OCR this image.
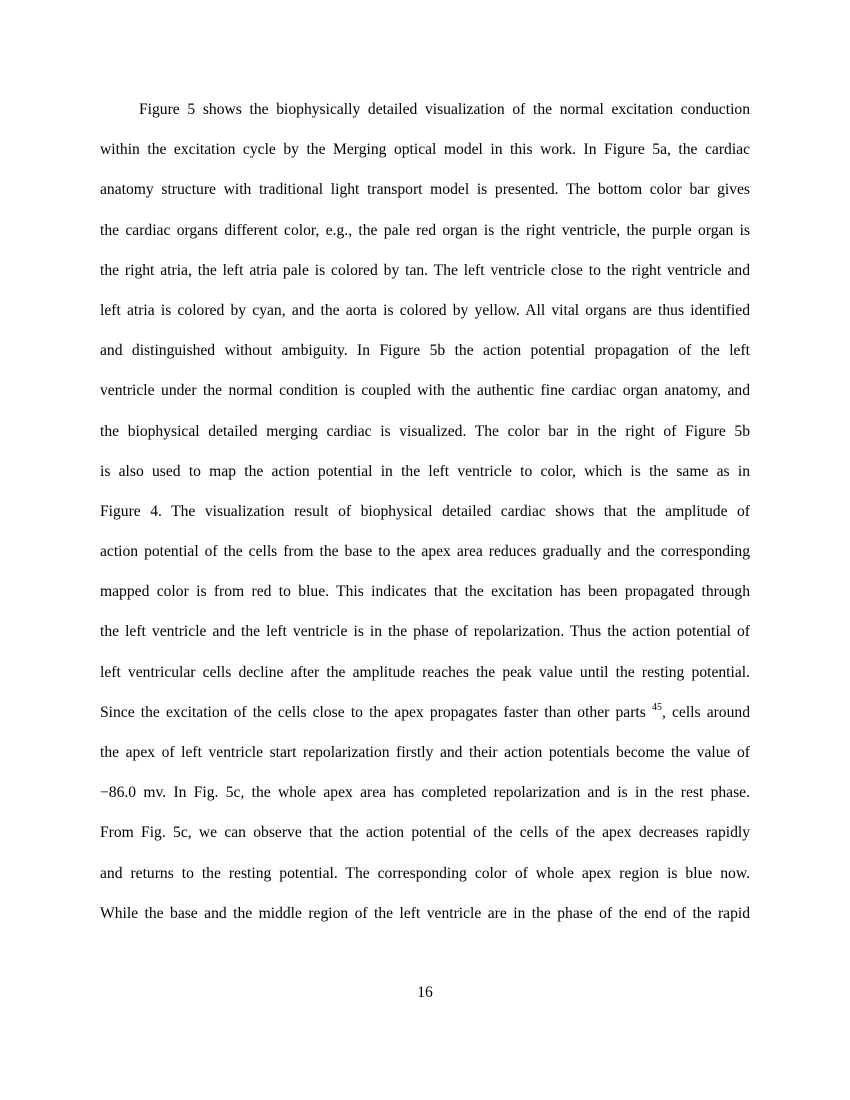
Figure 5 shows the biophysically detailed visualization of the normal excitation conduction
within the excitation cycle by the Merging optical model in this work. In Figure 5a, the cardiac
anatomy structure with traditional light transport model is presented. The bottom color bar gives
the cardiac organs different color, e.g., the pale red organ is the right ventricle, the purple organ is
the right atria, the left atria pale is colored by tan. The left ventricle close to the right ventricle and
left atria is colored by cyan, and the aorta is colored by yellow. All vital organs are thus identified
and distinguished without ambiguity. In Figure 5b the action potential propagation of the left
ventricle under the normal condition is coupled with the authentic fine cardiac organ anatomy, and
the biophysical detailed merging cardiac is visualized. The color bar in the right of Figure 5b
is also used to map the action potential in the left ventricle to color, which is the same as in
Figure 4. The visualization result of biophysical detailed cardiac shows that the amplitude of
action potential of the cells from the base to the apex area reduces gradually and the corresponding
mapped color is from red to blue. This indicates that the excitation has been propagated through
the left ventricle and the left ventricle is in the phase of repolarization. Thus the action potential of
left ventricular cells decline after the amplitude reaches the peak value until the resting potential.
Since the excitation of the cells close to the apex propagates faster than other parts $^{45}$, cells around
the apex of left ventricle start repolarization firstly and their action potentials become the value of
−86.0 mv. In Fig. 5c, the whole apex area has completed repolarization and is in the rest phase.
From Fig. 5c, we can observe that the action potential of the cells of the apex decreases rapidly
and returns to the resting potential. The corresponding color of whole apex region is blue now.
While the base and the middle region of the left ventricle are in the phase of the end of the rapid
16
